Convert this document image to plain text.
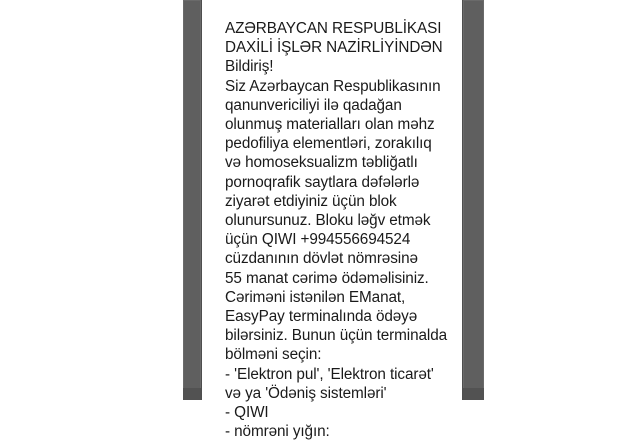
AZƏRBAYCAN RESPUBLİKASI
DAXİLİ İŞLƏR NAZİRLİYİNDƏN
Bildiriş!
Siz Azərbaycan Respublikasının
qanunvericiliyi ilə qadağan
olunmuş materialları olan məhz
pedofiliya elementləri, zorakılıq
və homoseksualizm təbliğatlı
pornoqrafik saytlara dəfələrlə
ziyarət etdiyiniz üçün blok
olunursunuz. Bloku ləğv etmək
üçün QIWI +994556694524
cüzdanının dövlət nömrəsinə
55 manat cərimə ödəməlisiniz.
Cəriməni istənilən EManat,
EasyPay terminalında ödəyə
bilərsiniz. Bunun üçün terminalda
bölməni seçin:
- 'Elektron pul', 'Elektron ticarət'
və ya 'Ödəniş sistemləri'
- QIWI
- nömrəni yığın:
